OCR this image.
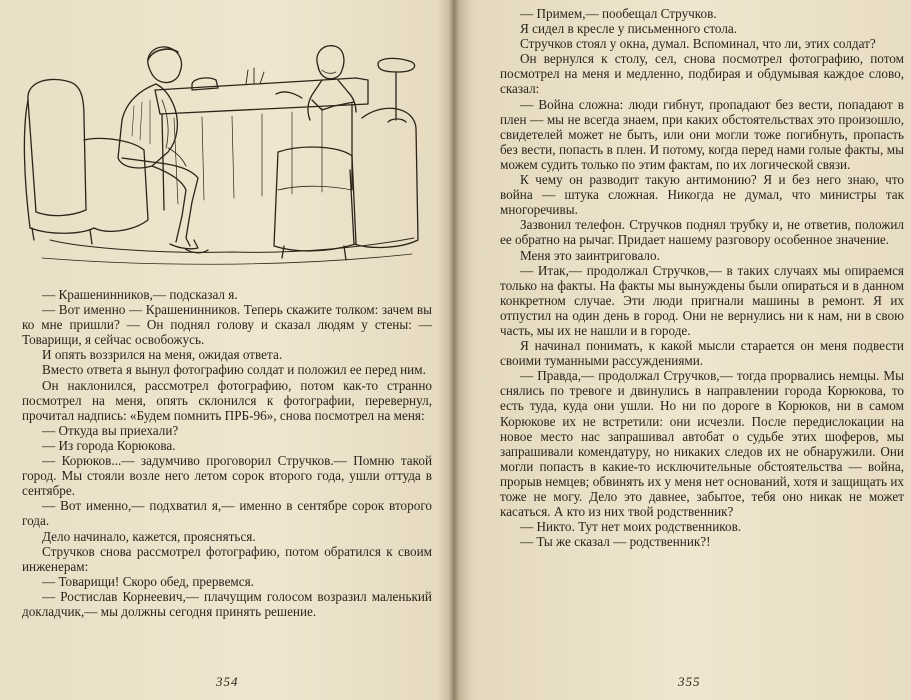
— Крашенинников,— подсказал я.

— Вот именно — Крашенинников. Теперь скажите толком: зачем вы ко мне пришли? — Он поднял голову и сказал людям у стены: — Товарищи, я сейчас освобожусь.

И опять воззрился на меня, ожидая ответа.

Вместо ответа я вынул фотографию солдат и положил ее перед ним.

Он наклонился, рассмотрел фотографию, потом как-то странно посмотрел на меня, опять склонился к фотографии, перевернул, прочитал надпись: «Будем помнить ПРБ-96», снова посмотрел на меня:

— Откуда вы приехали?

— Из города Корюкова.

— Корюков...— задумчиво проговорил Стручков.— Помню такой город. Мы стояли возле него летом сорок второго года, ушли оттуда в сентябре.

— Вот именно,— подхватил я,— именно в сентябре сорок второго года.

Дело начинало, кажется, проясняться.

Стручков снова рассмотрел фотографию, потом обратился к своим инженерам:

— Товарищи! Скоро обед, прервемся.

— Ростислав Корнеевич,— плачущим голосом возразил маленький докладчик,— мы должны сегодня принять решение.

354

— Примем,— пообещал Стручков.

Я сидел в кресле у письменного стола.

Стручков стоял у окна, думал. Вспоминал, что ли, этих солдат?

Он вернулся к столу, сел, снова посмотрел фотографию, потом посмотрел на меня и медленно, подбирая и обдумывая каждое слово, сказал:

— Война сложна: люди гибнут, пропадают без вести, попадают в плен — мы не всегда знаем, при каких обстоятельствах это произошло, свидетелей может не быть, или они могли тоже погибнуть, пропасть без вести, попасть в плен. И потому, когда перед нами голые факты, мы можем судить только по этим фактам, по их логической связи.

К чему он разводит такую антимонию? Я и без него знаю, что война — штука сложная. Никогда не думал, что министры так многоречивы.

Зазвонил телефон. Стручков поднял трубку и, не ответив, положил ее обратно на рычаг. Придает нашему разговору особенное значение.

Меня это заинтриговало.

— Итак,— продолжал Стручков,— в таких случаях мы опираемся только на факты. На факты мы вынуждены были опираться и в данном конкретном случае. Эти люди пригнали машины в ремонт. Я их отпустил на один день в город. Они не вернулись ни к нам, ни в свою часть, мы их не нашли и в городе.

Я начинал понимать, к какой мысли старается он меня подвести своими туманными рассуждениями.

— Правда,— продолжал Стручков,— тогда прорвались немцы. Мы снялись по тревоге и двинулись в направлении города Корюкова, то есть туда, куда они ушли. Но ни по дороге в Корюков, ни в самом Корюкове их не встретили: они исчезли. После передислокации на новое место нас запрашивал автобат о судьбе этих шоферов, мы запрашивали комендатуру, но никаких следов их не обнаружили. Они могли попасть в какие-то исключительные обстоятельства — война, прорыв немцев; обвинять их у меня нет оснований, хотя и защищать их тоже не могу. Дело это давнее, забытое, тебя оно никак не может касаться. А кто из них твой родственник?

— Никто. Тут нет моих родственников.

— Ты же сказал — родственник?!

355
